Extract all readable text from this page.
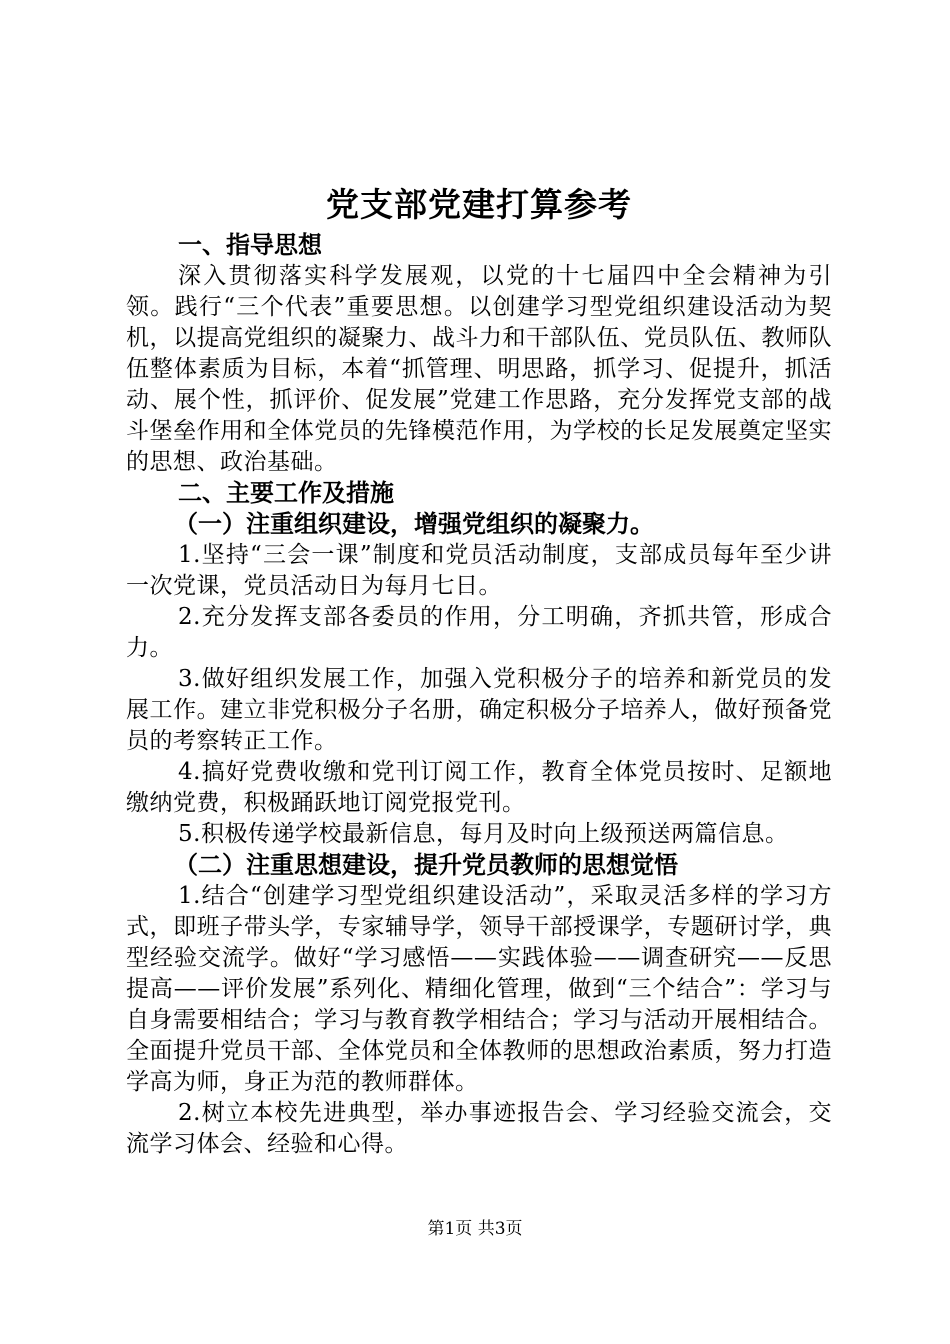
党支部党建打算参考

一、指导思想

深入贯彻落实科学发展观，以党的十七届四中全会精神为引领。践行“三个代表”重要思想。以创建学习型党组织建设活动为契机，以提高党组织的凝聚力、战斗力和干部队伍、党员队伍、教师队伍整体素质为目标，本着“抓管理、明思路，抓学习、促提升，抓活动、展个性，抓评价、促发展”党建工作思路，充分发挥党支部的战斗堡垒作用和全体党员的先锋模范作用，为学校的长足发展奠定坚实的思想、政治基础。

二、主要工作及措施

（一）注重组织建设，增强党组织的凝聚力。

1.坚持“三会一课”制度和党员活动制度，支部成员每年至少讲一次党课，党员活动日为每月七日。

2.充分发挥支部各委员的作用，分工明确，齐抓共管，形成合力。

3.做好组织发展工作，加强入党积极分子的培养和新党员的发展工作。建立非党积极分子名册，确定积极分子培养人，做好预备党员的考察转正工作。

4.搞好党费收缴和党刊订阅工作，教育全体党员按时、足额地缴纳党费，积极踊跃地订阅党报党刊。

5.积极传递学校最新信息，每月及时向上级预送两篇信息。

（二）注重思想建设，提升党员教师的思想觉悟

1.结合“创建学习型党组织建设活动”，采取灵活多样的学习方式，即班子带头学，专家辅导学，领导干部授课学，专题研讨学，典型经验交流学。做好“学习感悟——实践体验——调查研究——反思提高——评价发展”系列化、精细化管理，做到“三个结合”：学习与自身需要相结合；学习与教育教学相结合；学习与活动开展相结合。全面提升党员干部、全体党员和全体教师的思想政治素质，努力打造学高为师，身正为范的教师群体。

2.树立本校先进典型，举办事迹报告会、学习经验交流会，交流学习体会、经验和心得。

第1页 共3页
